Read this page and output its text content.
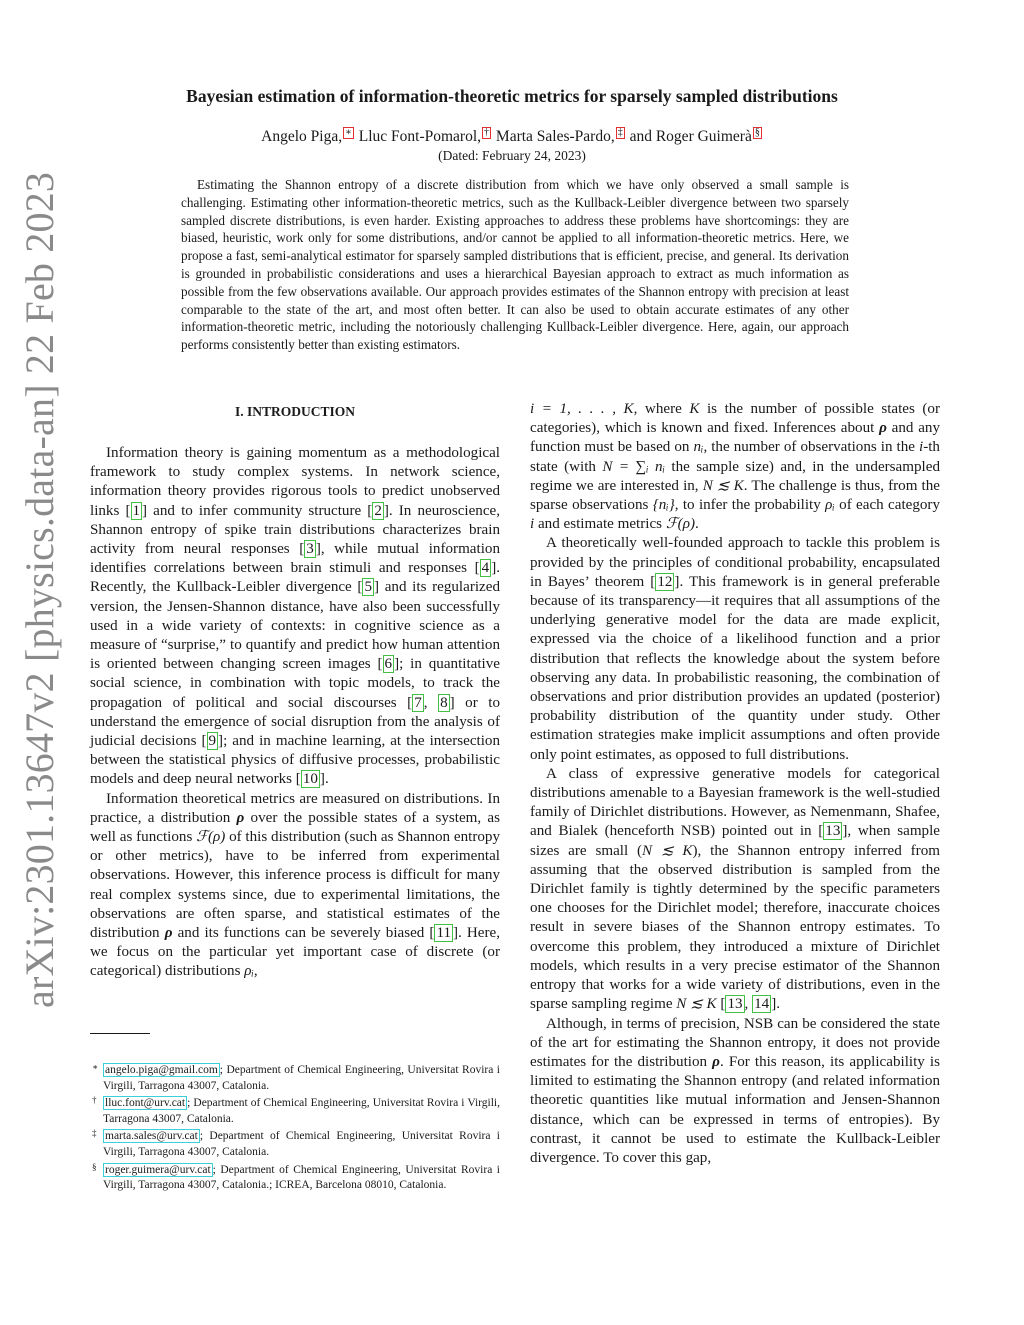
arXiv:2301.13647v2 [physics.data-an] 22 Feb 2023
Bayesian estimation of information-theoretic metrics for sparsely sampled distributions
Angelo Piga, ∗ Lluc Font-Pomarol, † Marta Sales-Pardo, ‡ and Roger Guimerà §
(Dated: February 24, 2023)

Estimating the Shannon entropy of a discrete distribution from which we have only observed a small sample is challenging. Estimating other information-theoretic metrics, such as the Kullback-Leibler divergence between two sparsely sampled discrete distributions, is even harder. Existing approaches to address these problems have shortcomings: they are biased, heuristic, work only for some distributions, and/or cannot be applied to all information-theoretic metrics. Here, we propose a fast, semi-analytical estimator for sparsely sampled distributions that is efficient, precise, and general. Its derivation is grounded in probabilistic considerations and uses a hierarchical Bayesian approach to extract as much information as possible from the few observations available. Our approach provides estimates of the Shannon entropy with precision at least comparable to the state of the art, and most often better. It can also be used to obtain accurate estimates of any other information-theoretic metric, including the notoriously challenging Kullback-Leibler divergence. Here, again, our approach performs consistently better than existing estimators.

I. INTRODUCTION

Information theory is gaining momentum as a methodological framework to study complex systems. In network science, information theory provides rigorous tools to predict unobserved links [ 1 ] and to infer community structure [ 2 ]. In neuroscience, Shannon entropy of spike train distributions characterizes brain activity from neural responses [ 3 ], while mutual information identifies correlations between brain stimuli and responses [ 4 ]. Recently, the Kullback-Leibler divergence [ 5 ] and its regularized version, the Jensen-Shannon distance, have also been successfully used in a wide variety of contexts: in cognitive science as a measure of “surprise,” to quantify and predict how human attention is oriented between changing screen images [ 6 ]; in quantitative social science, in combination with topic models, to track the propagation of political and social discourses [ 7 , 8 ] or to understand the emergence of social disruption from the analysis of judicial decisions [ 9 ]; and in machine learning, at the intersection between the statistical physics of diffusive processes, probabilistic models and deep neural networks [ 10 ].

Information theoretical metrics are measured on distributions. In practice, a distribution ρ over the possible states of a system, as well as functions ℱ(ρ) of this distribution (such as Shannon entropy or other metrics), have to be inferred from experimental observations. However, this inference process is difficult for many real complex systems since, due to experimental limitations, the observations are often sparse, and statistical estimates of the distribution ρ and its functions can be severely biased [ 11 ]. Here, we focus on the particular yet important case of discrete (or categorical) distributions ρᵢ,

i = 1, . . . , K, where K is the number of possible states (or categories), which is known and fixed. Inferences about ρ and any function must be based on nᵢ, the number of observations in the i-th state (with N = ∑ᵢ nᵢ the sample size) and, in the undersampled regime we are interested in, N ≲ K. The challenge is thus, from the sparse observations {nᵢ}, to infer the probability ρᵢ of each category i and estimate metrics ℱ(ρ).

A theoretically well-founded approach to tackle this problem is provided by the principles of conditional probability, encapsulated in Bayes’ theorem [ 12 ]. This framework is in general preferable because of its transparency—it requires that all assumptions of the underlying generative model for the data are made explicit, expressed via the choice of a likelihood function and a prior distribution that reflects the knowledge about the system before observing any data. In probabilistic reasoning, the combination of observations and prior distribution provides an updated (posterior) probability distribution of the quantity under study. Other estimation strategies make implicit assumptions and often provide only point estimates, as opposed to full distributions.

A class of expressive generative models for categorical distributions amenable to a Bayesian framework is the well-studied family of Dirichlet distributions. However, as Nemenmann, Shafee, and Bialek (henceforth NSB) pointed out in [ 13 ], when sample sizes are small (N ≲ K), the Shannon entropy inferred from assuming that the observed distribution is sampled from the Dirichlet family is tightly determined by the specific parameters one chooses for the Dirichlet model; therefore, inaccurate choices result in severe biases of the Shannon entropy estimates. To overcome this problem, they introduced a mixture of Dirichlet models, which results in a very precise estimator of the Shannon entropy that works for a wide variety of distributions, even in the sparse sampling regime N ≲ K [ 13 , 14 ].

Although, in terms of precision, NSB can be considered the state of the art for estimating the Shannon entropy, it does not provide estimates for the distribution ρ. For this reason, its applicability is limited to estimating the Shannon entropy (and related information theoretic quantities like mutual information and Jensen-Shannon distance, which can be expressed in terms of entropies). By contrast, it cannot be used to estimate the Kullback-Leibler divergence. To cover this gap,

∗ angelo.piga@gmail.com ; Department of Chemical Engineering, Universitat Rovira i Virgili, Tarragona 43007, Catalonia.
† lluc.font@urv.cat ; Department of Chemical Engineering, Universitat Rovira i Virgili, Tarragona 43007, Catalonia.
‡ marta.sales@urv.cat ; Department of Chemical Engineering, Universitat Rovira i Virgili, Tarragona 43007, Catalonia.
§ roger.guimera@urv.cat ; Department of Chemical Engineering, Universitat Rovira i Virgili, Tarragona 43007, Catalonia.; ICREA, Barcelona 08010, Catalonia.
